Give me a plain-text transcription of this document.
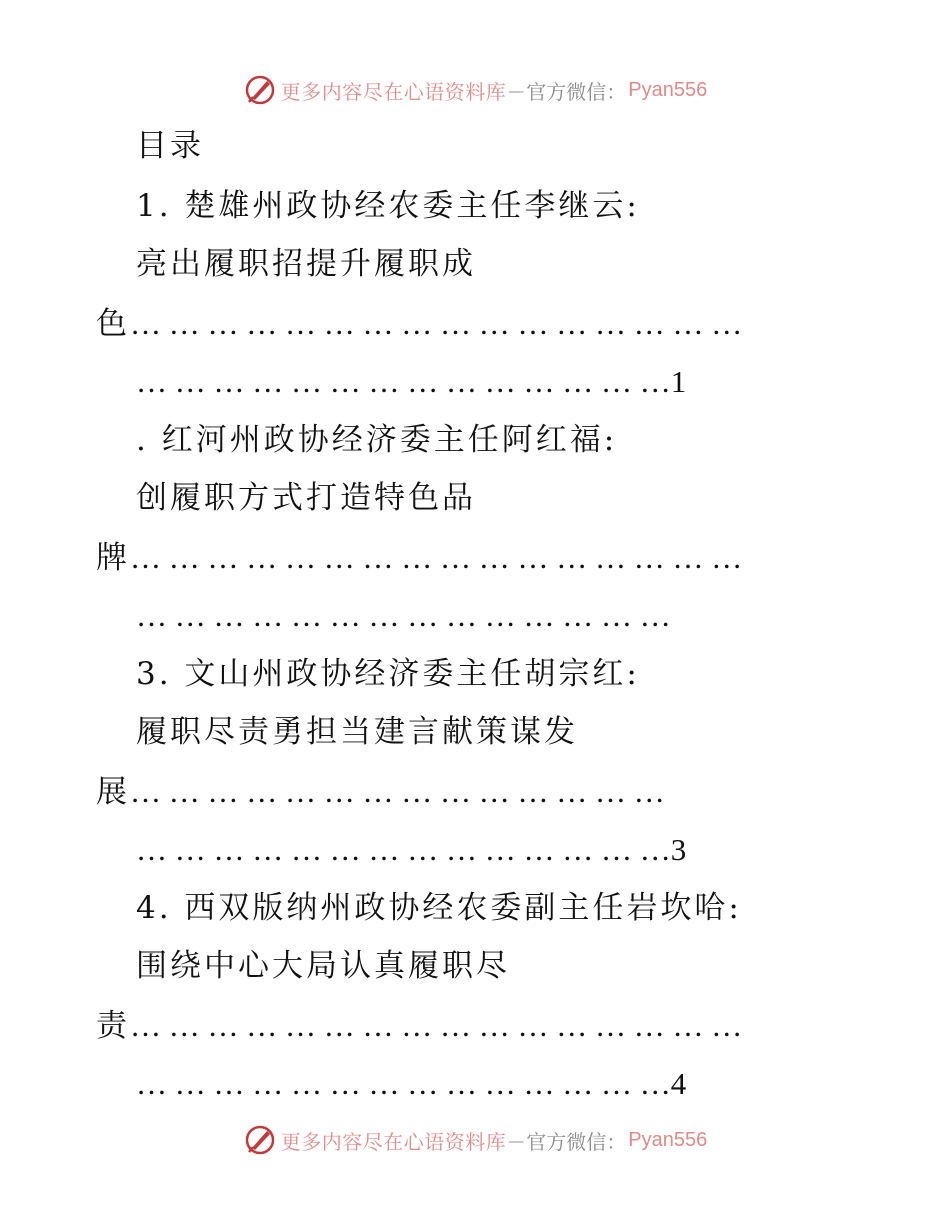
更多内容尽在心语资料库 — 官方微信： Pyan556
目录
1. 楚雄州政协经农委主任李继云:
亮出履职招提升履职成
色… … … … … … … … … … … … … … … …
… … … … … … … … … … … … … …1
. 红河州政协经济委主任阿红福:
创履职方式打造特色品
牌… … … … … … … … … … … … … … … …
… … … … … … … … … … … … … …
3. 文山州政协经济委主任胡宗红:
履职尽责勇担当建言献策谋发
展… … … … … … … … … … … … … …
… … … … … … … … … … … … … …3
4. 西双版纳州政协经农委副主任岩坎哈:
围绕中心大局认真履职尽
责… … … … … … … … … … … … … … … …
… … … … … … … … … … … … … …4
更多内容尽在心语资料库 — 官方微信： Pyan556
